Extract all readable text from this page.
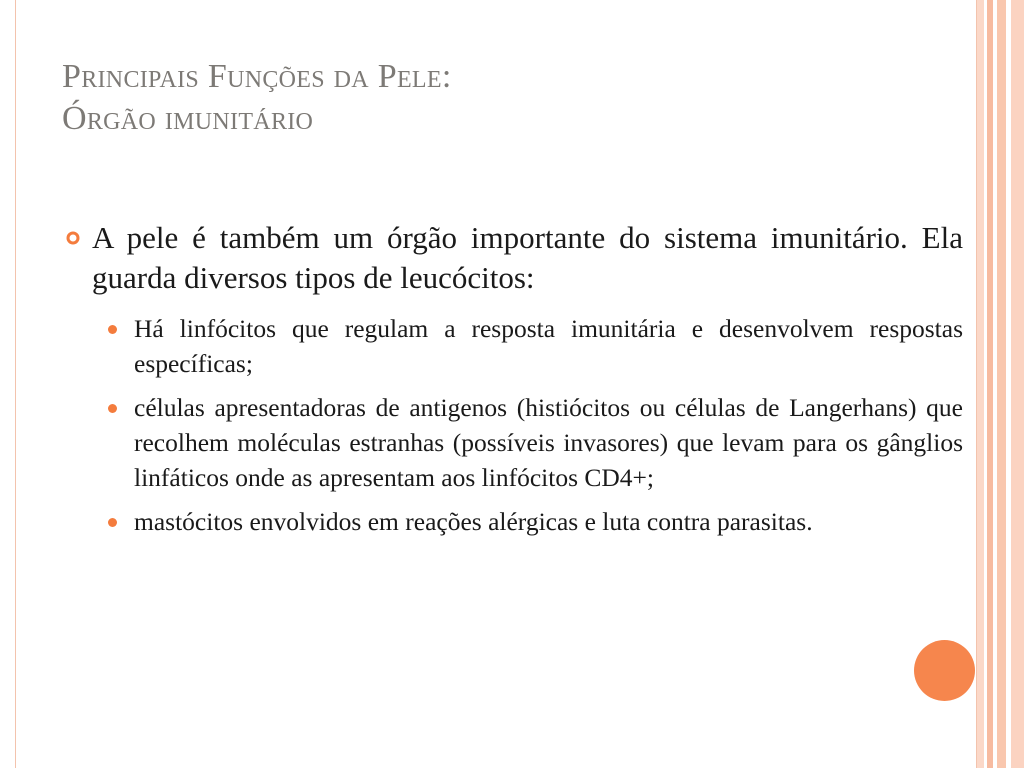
Principais Funções da Pele:
Órgão imunitário
A pele é também um órgão importante do sistema imunitário. Ela guarda diversos tipos de leucócitos:
Há linfócitos que regulam a resposta imunitária e desenvolvem respostas específicas;
células apresentadoras de antigenos (histiócitos ou células de Langerhans) que recolhem moléculas estranhas (possíveis invasores) que levam para os gânglios linfáticos onde as apresentam aos linfócitos CD4+;
mastócitos envolvidos em reações alérgicas e luta contra parasitas.
